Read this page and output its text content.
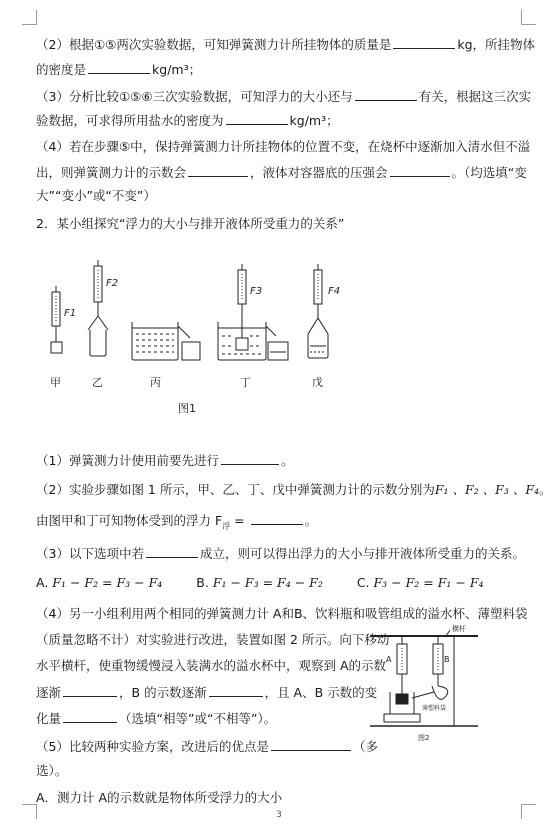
（2）根据①⑤两次实验数据，可知弹簧测力计所挂物体的质量是	kg，所挂物体
的密度是	kg/m³；
（3）分析比较①⑤⑥三次实验数据，可知浮力的大小还与	有关，根据这三次实
验数据，可求得所用盐水的密度为	kg/m³；
（4）若在步骤⑤中，保持弹簧测力计所挂物体的位置不变，在烧杯中逐渐加入清水但不溢
出，则弹簧测力计的示数会	，液体对容器底的压强会	。（均选填“变
大”“变小”或“不变”）
2．某小组探究“浮力的大小与排开液体所受重力的关系”
F1
F2
F3	F4
甲	乙	丙	丁	戊
图1
（1）弹簧测力计使用前要先进行	。
（2）实验步骤如图 1 所示，甲、乙、丁、戊中弹簧测力计的示数分别为F₁ 、F₂ 、F₃ 、F₄。
由图甲和丁可知物体受到的浮力 $F_浮$ =	。
（3）以下选项中若	成立，则可以得出浮力的大小与排开液体所受重力的关系。
A. F₁ − F₂ = F₃ − F₄	B. F₁ − F₃ = F₄ − F₂	C. F₃ − F₂ = F₁ − F₄
（4）另一小组利用两个相同的弹簧测力计 A和B、饮料瓶和吸管组成的溢水杯、薄塑料袋
（质量忽略不计）对实验进行改进，装置如图 2 所示。向下移动
水平横杆，使重物缓慢浸入装满水的溢水杯中，观察到 A的示数
逐渐	，B 的示数逐渐	，且 A、B 示数的变
化量	（选填“相等”或“不相等”）。
横杆
A	B
薄塑料袋
图2
（5）比较两种实验方案，改进后的优点是	（多
选）。
A．测力计 A的示数就是物体所受浮力的大小
3
